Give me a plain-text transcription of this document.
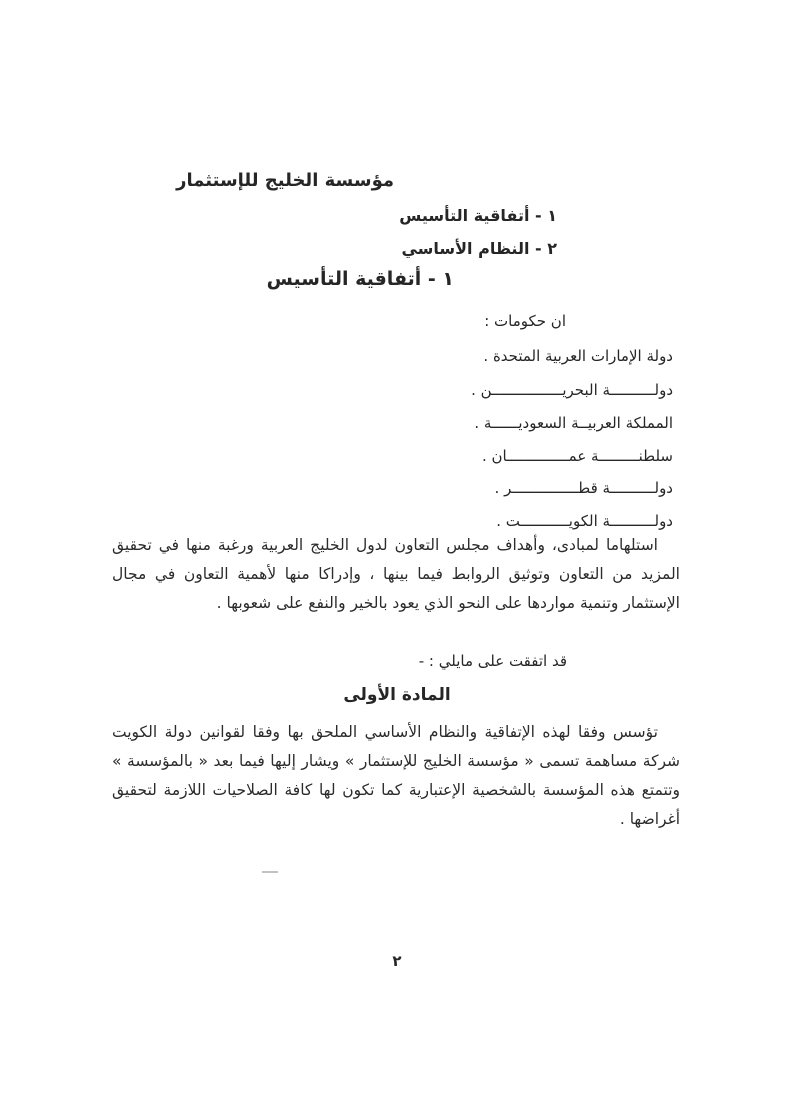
مؤسسة الخليج للإستثمار
١ - أتفاقية التأسيس
٢ - النظام الأساسي
١ - أتفاقية التأسيس
ان حكومات :
دولة الإمارات العربية المتحدة .
دولــــــــــة البحريــــــــــــــــن .
المملكة العربيــة السعوديــــــة .
سلطنـــــــــة عمــــــــــــــان .
دولــــــــــة قطـــــــــــــــر .
دولــــــــــة الكويـــــــــــت .

استلهاما لمبادى، وأهداف مجلس التعاون لدول الخليج العربية ورغبة منها في تحقيق المزيد من التعاون وتوثيق الروابط فيما بينها ، وإدراكا منها لأهمية التعاون في مجال الإستثمار وتنمية مواردها على النحو الذي يعود بالخير والنفع على شعوبها .

قد اتفقت على مايلي : -
المادة الأولى

تؤسس وفقا لهذه الإتفاقية والنظام الأساسي الملحق بها وفقا لقوانين دولة الكويت شركة مساهمة تسمى « مؤسسة الخليج للإستثمار » ويشار إليها فيما بعد « بالمؤسسة » وتتمتع هذه المؤسسة بالشخصية الإعتبارية كما تكون لها كافة الصلاحيات اللازمة لتحقيق أغراضها .

٢
